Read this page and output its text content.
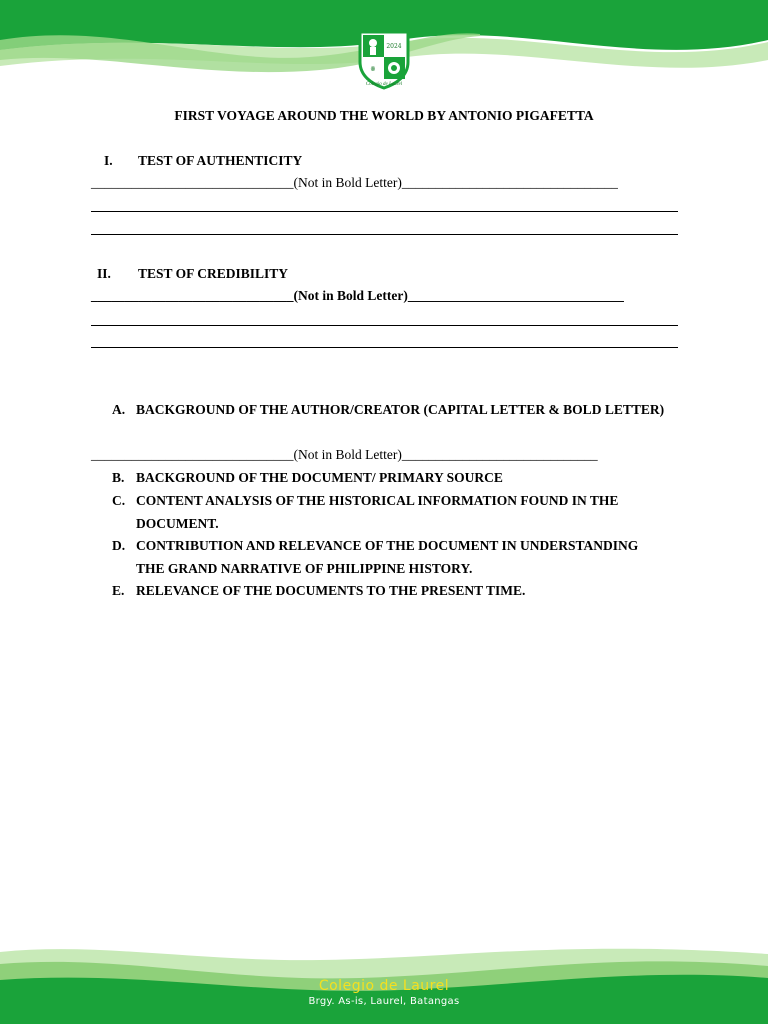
2024
ꙮ
Colegio de Laurel
FIRST VOYAGE AROUND THE WORLD BY ANTONIO PIGAFETTA
I. TEST OF AUTHENTICITY
______________________________(Not in Bold Letter)________________________________
II. TEST OF CREDIBILITY
______________________________(Not in Bold Letter)________________________________
A. BACKGROUND OF THE AUTHOR/CREATOR (CAPITAL LETTER & BOLD LETTER)
______________________________(Not in Bold Letter)_____________________________
B. BACKGROUND OF THE DOCUMENT/ PRIMARY SOURCE
C. CONTENT ANALYSIS OF THE HISTORICAL INFORMATION FOUND IN THE DOCUMENT.
D. CONTRIBUTION AND RELEVANCE OF THE DOCUMENT IN UNDERSTANDING THE GRAND NARRATIVE OF PHILIPPINE HISTORY.
E. RELEVANCE OF THE DOCUMENTS TO THE PRESENT TIME.
Colegio de Laurel
Brgy. As-is, Laurel, Batangas
